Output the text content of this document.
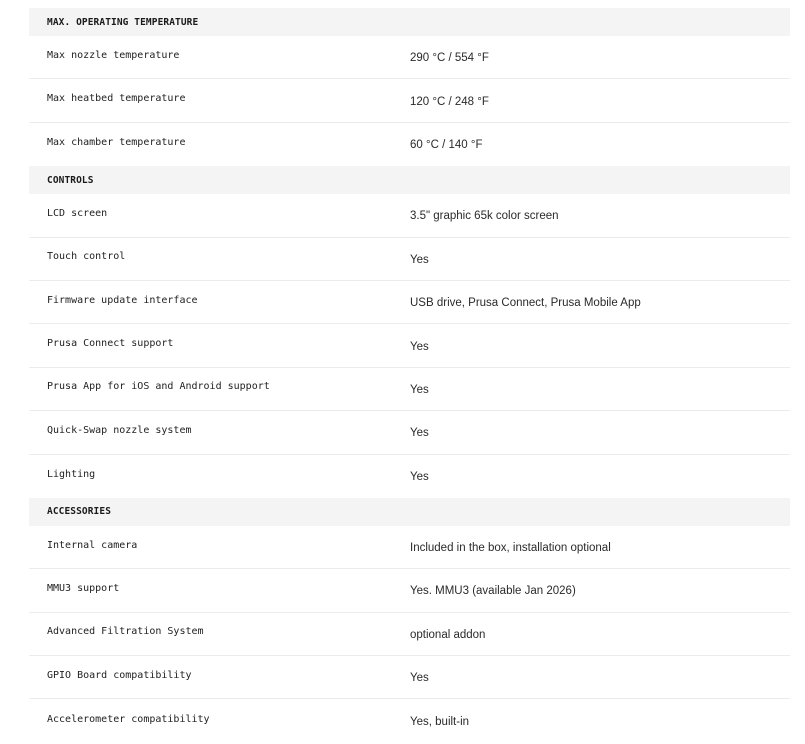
MAX. OPERATING TEMPERATURE
Max nozzle temperature	290 °C / 554 °F
Max heatbed temperature	120 °C / 248 °F
Max chamber temperature	60 °C / 140 °F
CONTROLS
LCD screen	3.5" graphic 65k color screen
Touch control	Yes
Firmware update interface	USB drive, Prusa Connect, Prusa Mobile App
Prusa Connect support	Yes
Prusa App for iOS and Android support	Yes
Quick-Swap nozzle system	Yes
Lighting	Yes
ACCESSORIES
Internal camera	Included in the box, installation optional
MMU3 support	Yes. MMU3 (available Jan 2026)
Advanced Filtration System	optional addon
GPIO Board compatibility	Yes
Accelerometer compatibility	Yes, built-in
